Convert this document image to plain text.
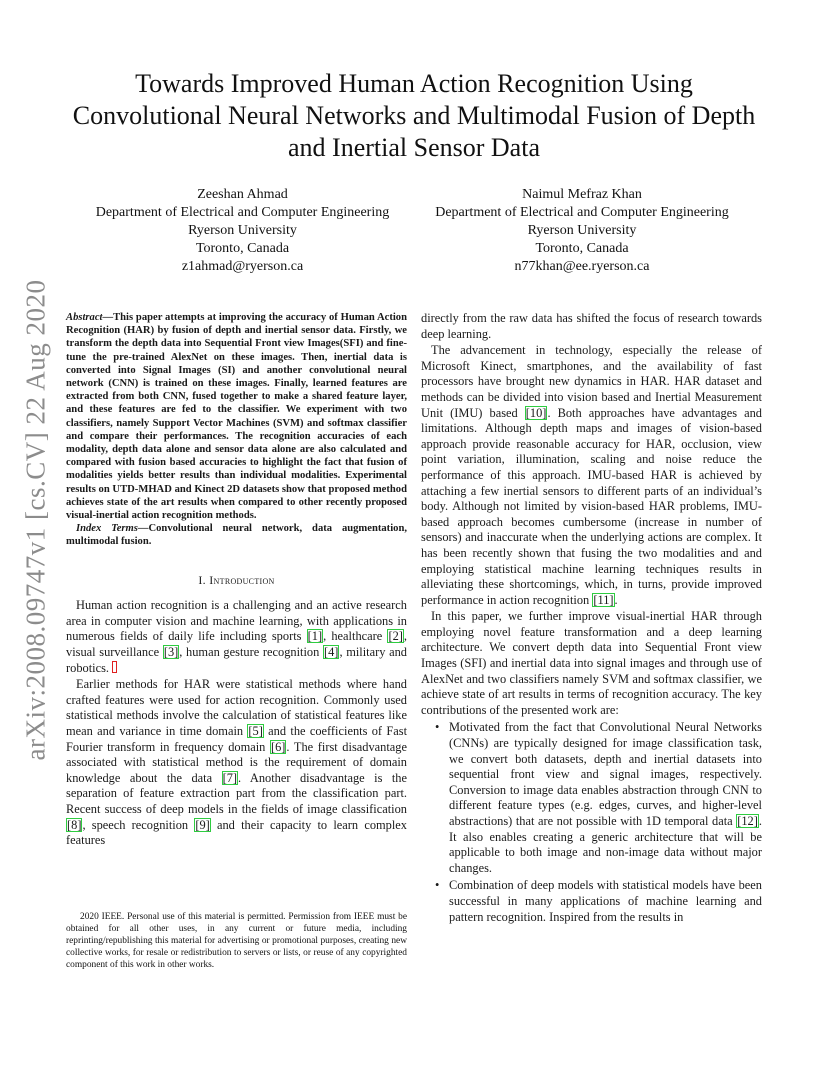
arXiv:2008.09747v1 [cs.CV] 22 Aug 2020
Towards Improved Human Action Recognition Using Convolutional Neural Networks and Multimodal Fusion of Depth and Inertial Sensor Data
Zeeshan Ahmad
Department of Electrical and Computer Engineering
Ryerson University
Toronto, Canada
z1ahmad@ryerson.ca
Naimul Mefraz Khan
Department of Electrical and Computer Engineering
Ryerson University
Toronto, Canada
n77khan@ee.ryerson.ca

Abstract—This paper attempts at improving the accuracy of Human Action Recognition (HAR) by fusion of depth and inertial sensor data. Firstly, we transform the depth data into Sequential Front view Images(SFI) and fine-tune the pre-trained AlexNet on these images. Then, inertial data is converted into Signal Images (SI) and another convolutional neural network (CNN) is trained on these images. Finally, learned features are extracted from both CNN, fused together to make a shared feature layer, and these features are fed to the classifier. We experiment with two classifiers, namely Support Vector Machines (SVM) and softmax classifier and compare their performances. The recognition accuracies of each modality, depth data alone and sensor data alone are also calculated and compared with fusion based accuracies to highlight the fact that fusion of modalities yields better results than individual modalities. Experimental results on UTD-MHAD and Kinect 2D datasets show that proposed method achieves state of the art results when compared to other recently proposed visual-inertial action recognition methods.

Index Terms—Convolutional neural network, data augmentation, multimodal fusion.

I. Introduction

Human action recognition is a challenging and an active research area in computer vision and machine learning, with applications in numerous fields of daily life including sports [1], healthcare [2], visual surveillance [3], human gesture recognition [4], military and robotics.

Earlier methods for HAR were statistical methods where hand crafted features were used for action recognition. Commonly used statistical methods involve the calculation of statistical features like mean and variance in time domain [5] and the coefficients of Fast Fourier transform in frequency domain [6]. The first disadvantage associated with statistical method is the requirement of domain knowledge about the data [7]. Another disadvantage is the separation of feature extraction part from the classification part. Recent success of deep models in the fields of image classification [8], speech recognition [9] and their capacity to learn complex features

directly from the raw data has shifted the focus of research towards deep learning.

The advancement in technology, especially the release of Microsoft Kinect, smartphones, and the availability of fast processors have brought new dynamics in HAR. HAR dataset and methods can be divided into vision based and Inertial Measurement Unit (IMU) based [10]. Both approaches have advantages and limitations. Although depth maps and images of vision-based approach provide reasonable accuracy for HAR, occlusion, view point variation, illumination, scaling and noise reduce the performance of this approach. IMU-based HAR is achieved by attaching a few inertial sensors to different parts of an individual’s body. Although not limited by vision-based HAR problems, IMU-based approach becomes cumbersome (increase in number of sensors) and inaccurate when the underlying actions are complex. It has been recently shown that fusing the two modalities and and employing statistical machine learning techniques results in alleviating these shortcomings, which, in turns, provide improved performance in action recognition [11].

In this paper, we further improve visual-inertial HAR through employing novel feature transformation and a deep learning architecture. We convert depth data into Sequential Front view Images (SFI) and inertial data into signal images and through use of AlexNet and two classifiers namely SVM and softmax classifier, we achieve state of art results in terms of recognition accuracy. The key contributions of the presented work are:

• Motivated from the fact that Convolutional Neural Networks (CNNs) are typically designed for image classification task, we convert both datasets, depth and inertial datasets into sequential front view and signal images, respectively. Conversion to image data enables abstraction through CNN to different feature types (e.g. edges, curves, and higher-level abstractions) that are not possible with 1D temporal data [12]. It also enables creating a generic architecture that will be applicable to both image and non-image data without major changes.
• Combination of deep models with statistical models have been successful in many applications of machine learning and pattern recognition. Inspired from the results in

2020 IEEE. Personal use of this material is permitted. Permission from IEEE must be obtained for all other uses, in any current or future media, including reprinting/republishing this material for advertising or promotional purposes, creating new collective works, for resale or redistribution to servers or lists, or reuse of any copyrighted component of this work in other works.
